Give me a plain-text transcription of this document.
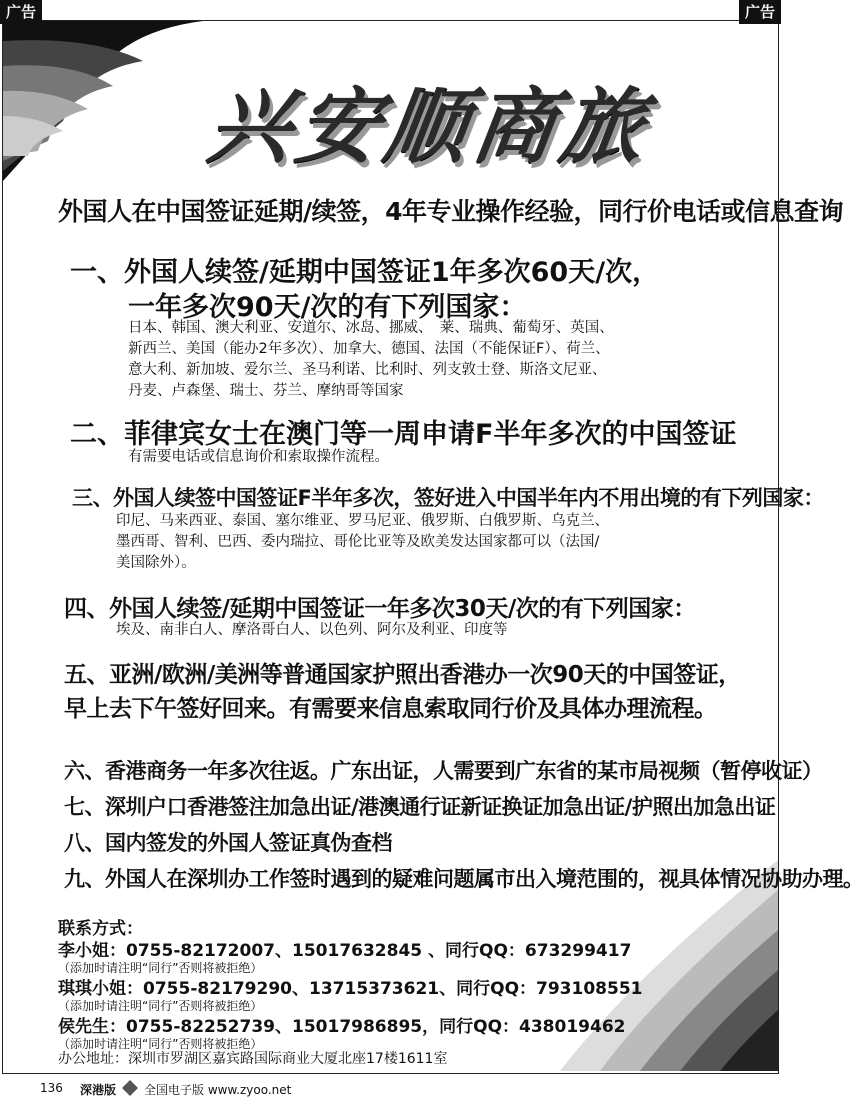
广告	广告
兴安顺商旅
外国人在中国签证延期/续签，4年专业操作经验，同行价电话或信息查询
一、外国人续签/延期中国签证1年多次60天/次，
一年多次90天/次的有下列国家：
日本、韩国、澳大利亚、安道尔、冰岛、挪威、　莱、瑞典、葡萄牙、英国、
新西兰、美国（能办2年多次）、加拿大、德国、法国（不能保证F）、荷兰、
意大利、新加坡、爱尔兰、圣马利诺、比利时、列支敦士登、斯洛文尼亚、
丹麦、卢森堡、瑞士、芬兰、摩纳哥等国家
二、菲律宾女士在澳门等一周申请F半年多次的中国签证
有需要电话或信息询价和索取操作流程。
三、外国人续签中国签证F半年多次，签好进入中国半年内不用出境的有下列国家：
印尼、马来西亚、泰国、塞尔维亚、罗马尼亚、俄罗斯、白俄罗斯、乌克兰、
墨西哥、智利、巴西、委内瑞拉、哥伦比亚等及欧美发达国家都可以（法国/
美国除外）。
四、外国人续签/延期中国签证一年多次30天/次的有下列国家：
埃及、南非白人、摩洛哥白人、以色列、阿尔及利亚、印度等
五、亚洲/欧洲/美洲等普通国家护照出香港办一次90天的中国签证，
早上去下午签好回来。有需要来信息索取同行价及具体办理流程。
六、香港商务一年多次往返。广东出证，人需要到广东省的某市局视频（暂停收证）
七、深圳户口香港签注加急出证/港澳通行证新证换证加急出证/护照出加急出证
八、国内签发的外国人签证真伪查档
九、外国人在深圳办工作签时遇到的疑难问题属市出入境范围的，视具体情况协助办理。
联系方式：
李小姐：0755-82172007、15017632845 、同行QQ：673299417
（添加时请注明“同行”否则将被拒绝）
琪琪小姐：0755-82179290、13715373621、同行QQ：793108551
（添加时请注明“同行”否则将被拒绝）
侯先生：0755-82252739、15017986895，同行QQ：438019462
（添加时请注明“同行”否则将被拒绝）
办公地址：深圳市罗湖区嘉宾路国际商业大厦北座17楼1611室
136 深港版 全国电子版 www.zyoo.net
